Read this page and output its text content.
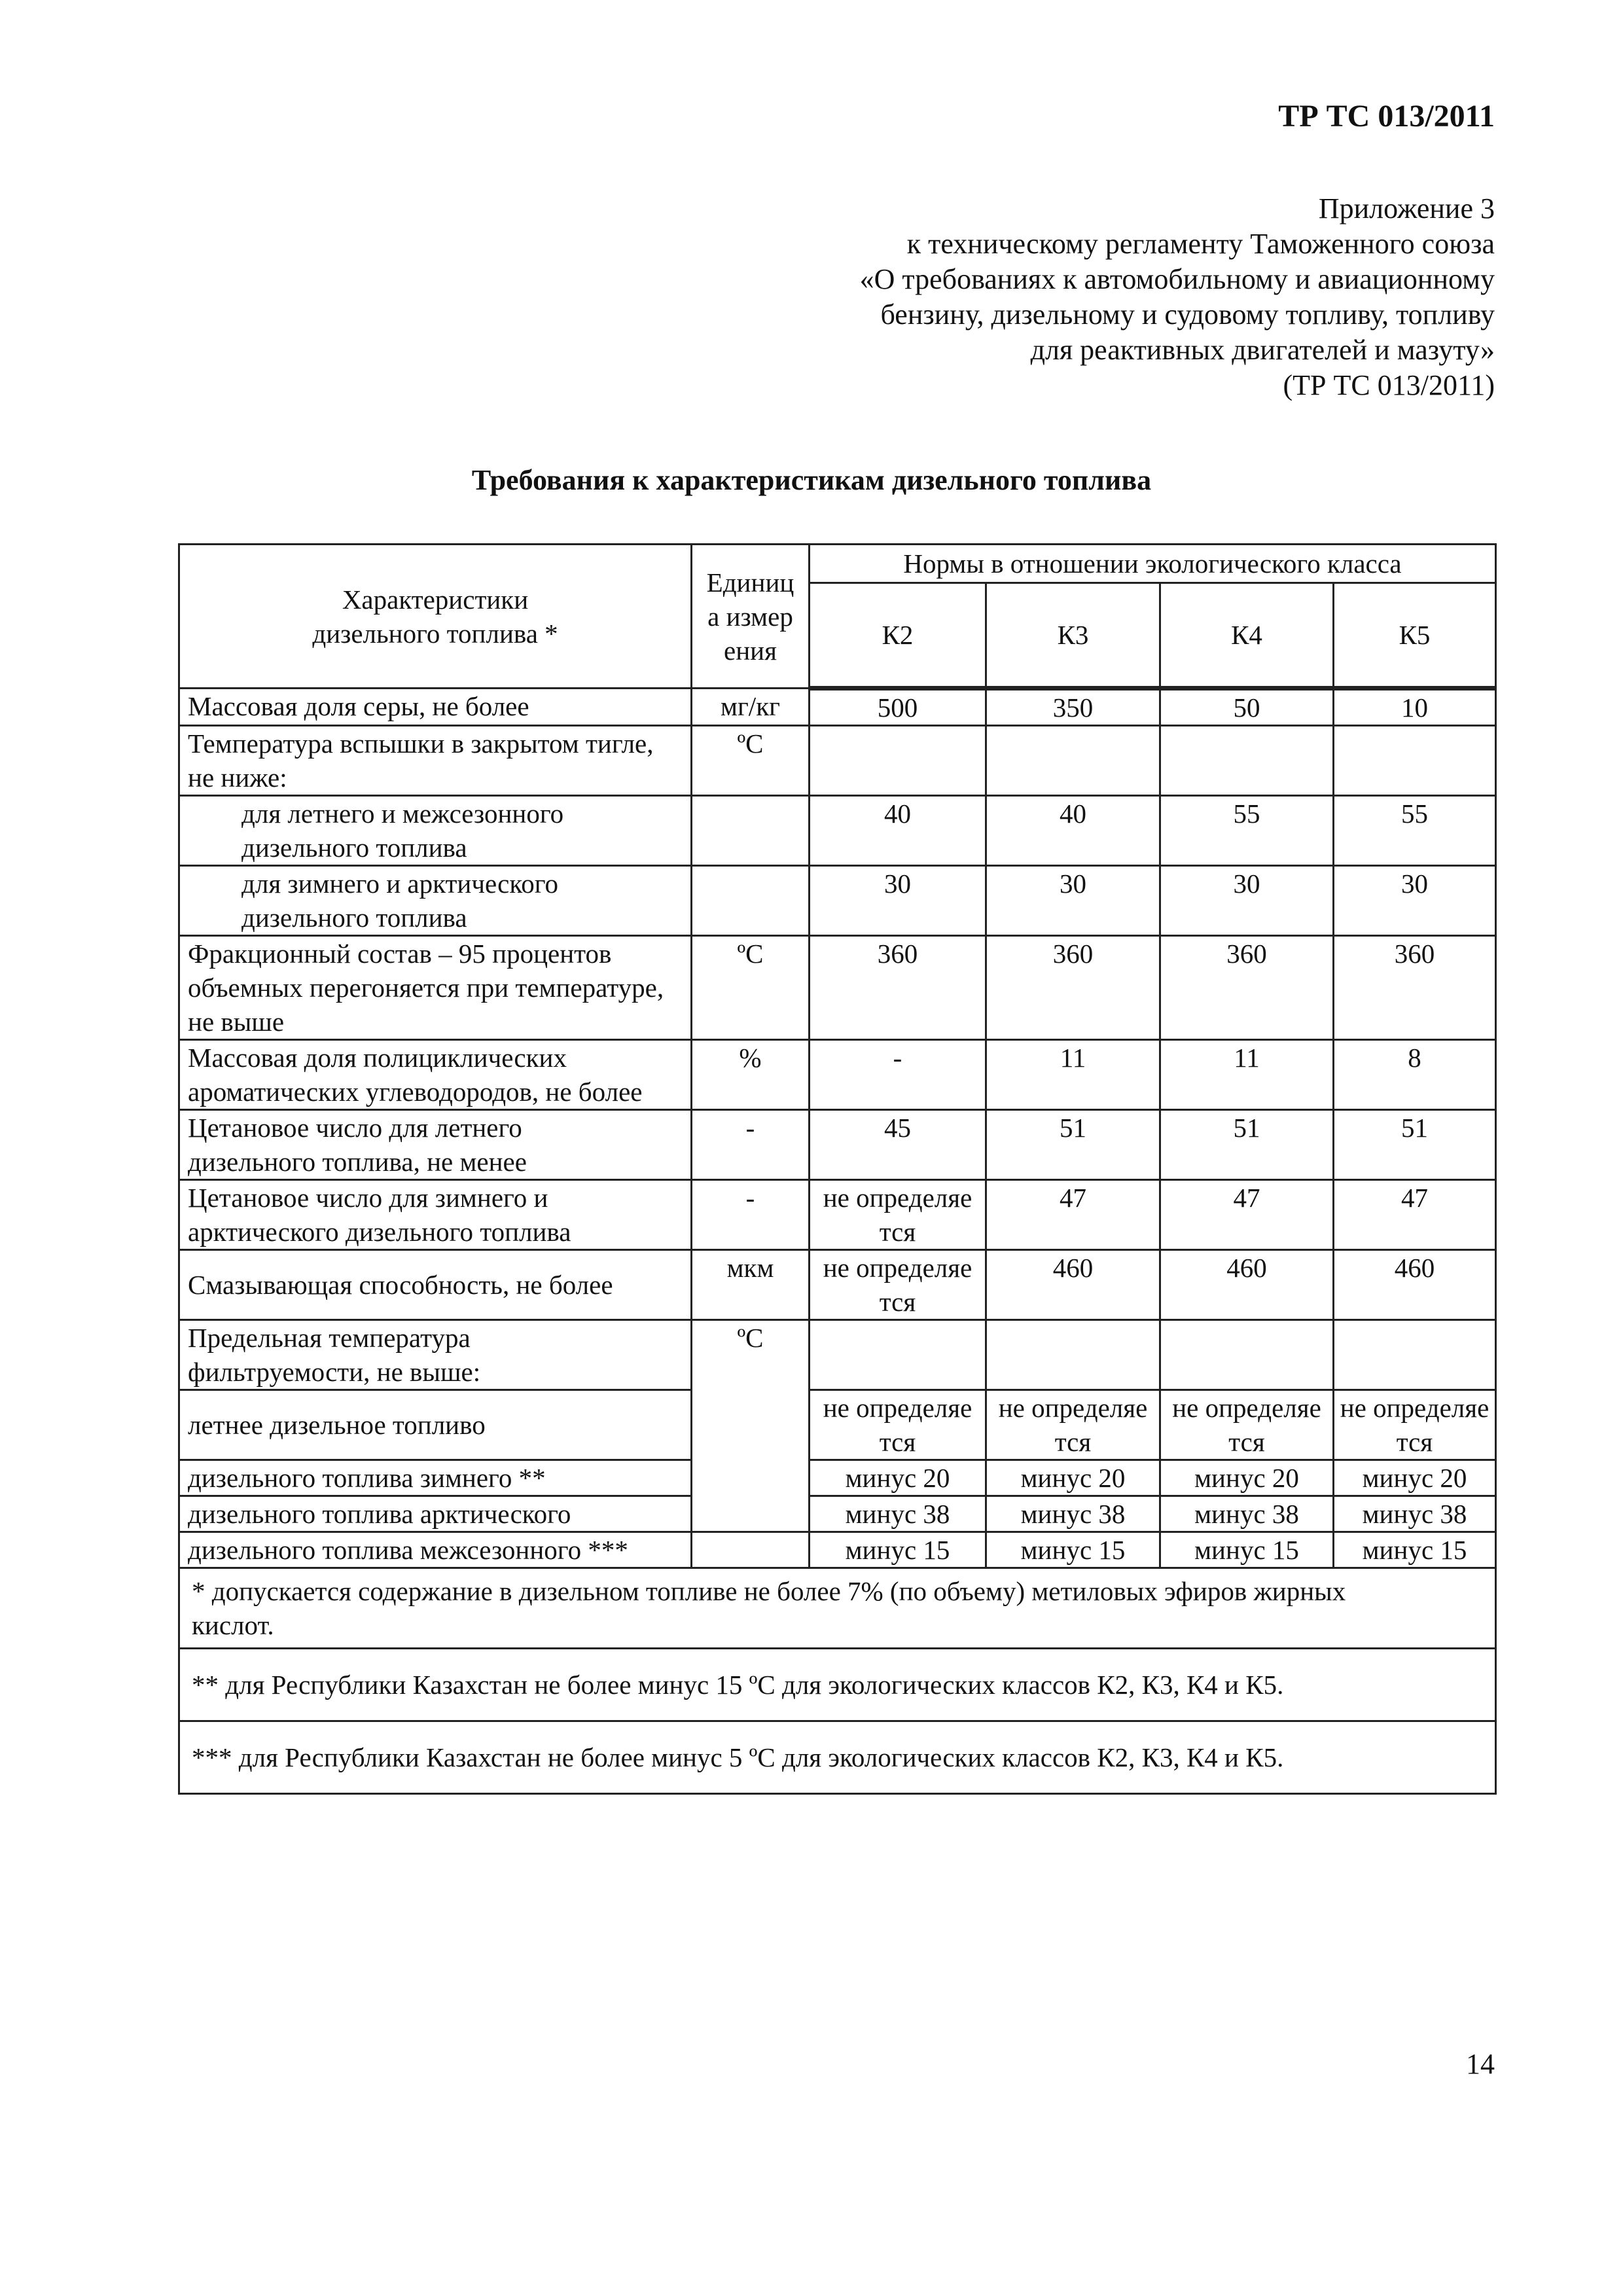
ТР ТС 013/2011
Приложение 3
к техническому регламенту Таможенного союза
«О требованиях к автомобильному и авиационному
бензину, дизельному и судовому топливу, топливу
для реактивных двигателей и мазуту»
(ТР ТС 013/2011)
Требования к характеристикам дизельного топлива
Характеристики дизельного топлива *	Единица измерения	Нормы в отношении экологического класса			
		К2	К3	К4	К5
Массовая доля серы, не более	мг/кг	500	350	50	10
Температура вспышки в закрытом тигле, не ниже:	ºС				
для летнего и межсезонного дизельного топлива		40	40	55	55
для зимнего и арктического дизельного топлива		30	30	30	30
Фракционный состав – 95 процентов объемных перегоняется при температуре, не выше	ºС	360	360	360	360
Массовая доля полициклических ароматических углеводородов, не более	%	-	11	11	8
Цетановое число для летнего дизельного топлива, не менее	-	45	51	51	51
Цетановое число для зимнего и арктического дизельного топлива	-	не определяется	47	47	47
Смазывающая способность, не более	мкм	не определяется	460	460	460
Предельная температура фильтруемости, не выше:	ºС				
летнее дизельное топливо		не определяется	не определяется	не определяется	не определяется
дизельного топлива зимнего **		минус 20	минус 20	минус 20	минус 20
дизельного топлива арктического		минус 38	минус 38	минус 38	минус 38
дизельного топлива межсезонного ***		минус 15	минус 15	минус 15	минус 15
* допускается содержание в дизельном топливе не более 7% (по объему) метиловых эфиров жирных кислот.					
** для Республики Казахстан не более минус 15 ºС для экологических классов К2, К3, К4 и К5.					
*** для Республики Казахстан не более минус 5 ºС для экологических классов К2, К3, К4 и К5.					
14
